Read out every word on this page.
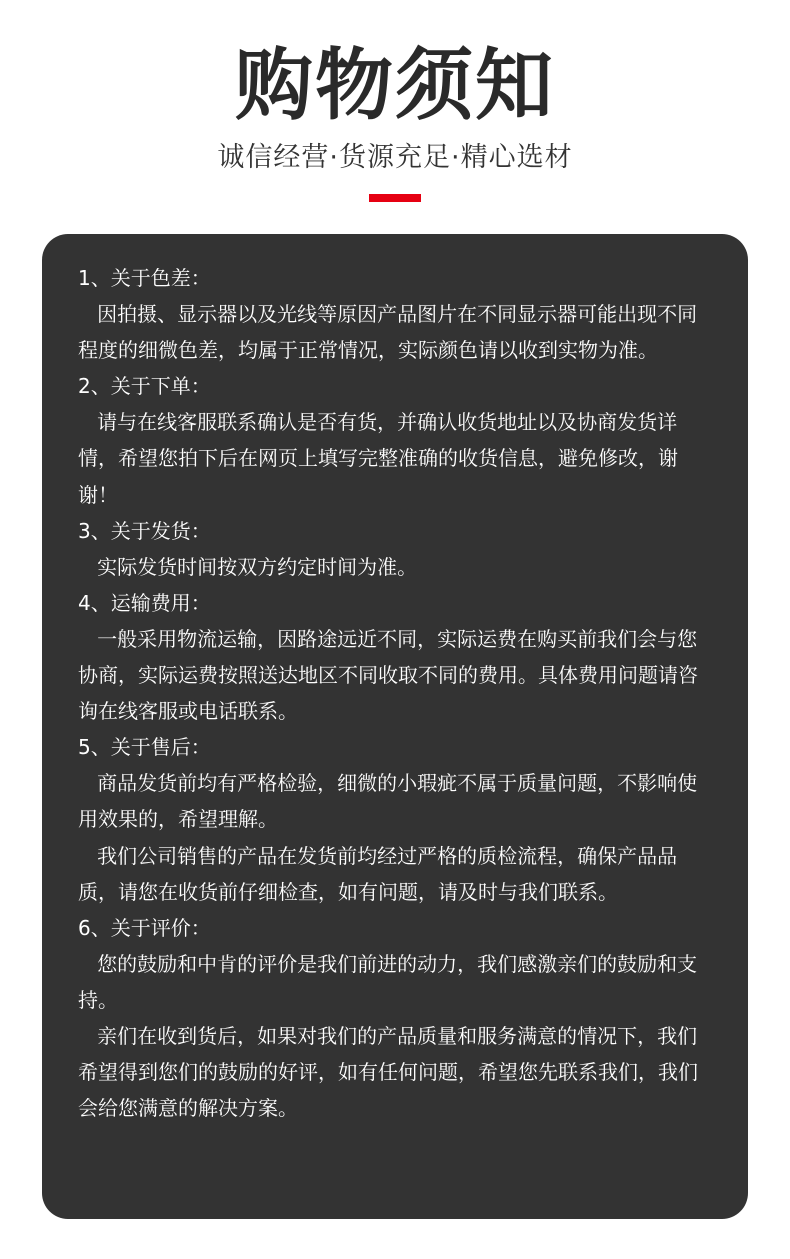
购物须知
诚信经营·货源充足·精心选材

1、关于色差：

因拍摄、显示器以及光线等原因产品图片在不同显示器可能出现不同程度的细微色差，均属于正常情况，实际颜色请以收到实物为准。

2、关于下单：

请与在线客服联系确认是否有货，并确认收货地址以及协商发货详情，希望您拍下后在网页上填写完整准确的收货信息，避免修改，谢谢！

3、关于发货：

实际发货时间按双方约定时间为准。

4、运输费用：

一般采用物流运输，因路途远近不同，实际运费在购买前我们会与您协商，实际运费按照送达地区不同收取不同的费用。具体费用问题请咨询在线客服或电话联系。

5、关于售后：

商品发货前均有严格检验，细微的小瑕疵不属于质量问题，不影响使用效果的，希望理解。

我们公司销售的产品在发货前均经过严格的质检流程，确保产品品质，请您在收货前仔细检查，如有问题，请及时与我们联系。

6、关于评价：

您的鼓励和中肯的评价是我们前进的动力，我们感激亲们的鼓励和支持。

亲们在收到货后，如果对我们的产品质量和服务满意的情况下，我们希望得到您们的鼓励的好评，如有任何问题，希望您先联系我们，我们会给您满意的解决方案。
